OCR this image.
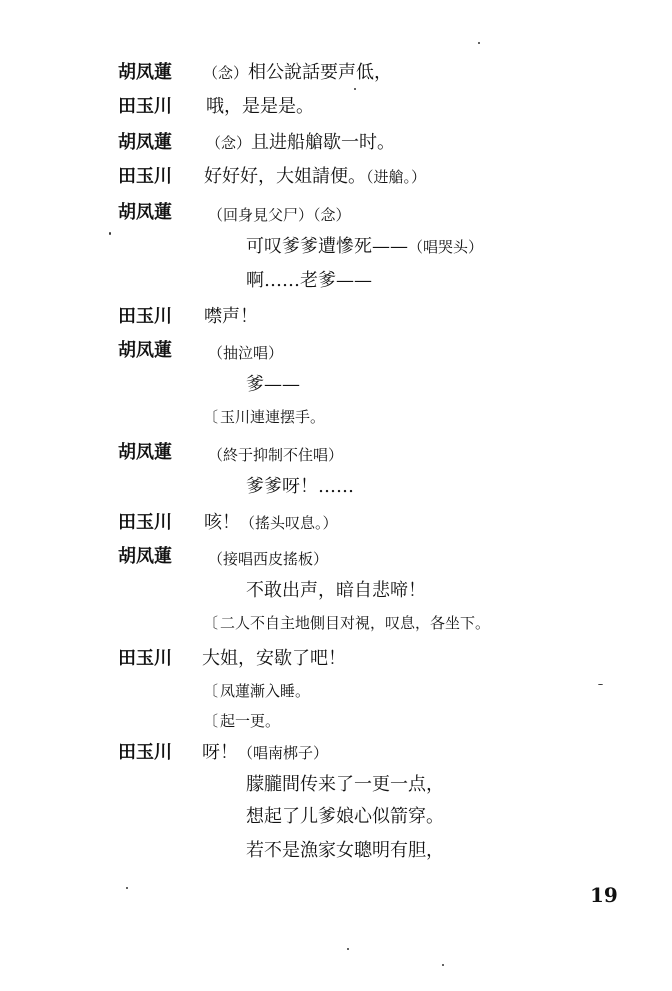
胡凤蓮 （念）相公說話要声低，
田玉川 哦，是是是。
胡凤蓮 （念）且进船艙歇一时。
田玉川 好好好，大姐請便。（进艙。）
胡凤蓮 （回身見父尸）（念）
可叹爹爹遭慘死——（唱哭头）
啊……老爹——
田玉川 噤声！
胡凤蓮 （抽泣唱）
爹——
〔 玉川連連摆手。
胡凤蓮 （終于抑制不住唱）
爹爹呀！……
田玉川 咳！（搖头叹息。）
胡凤蓮 （接唱西皮搖板）
不敢出声，暗自悲啼！
〔 二人不自主地側目对視，叹息，各坐下。
田玉川 大姐，安歇了吧！
〔 凤蓮漸入睡。
〔 起一更。
田玉川 呀！（唱南梆子）
朦朧間传来了一更一点，
想起了儿爹娘心似箭穿。
若不是漁家女聰明有胆，
19
